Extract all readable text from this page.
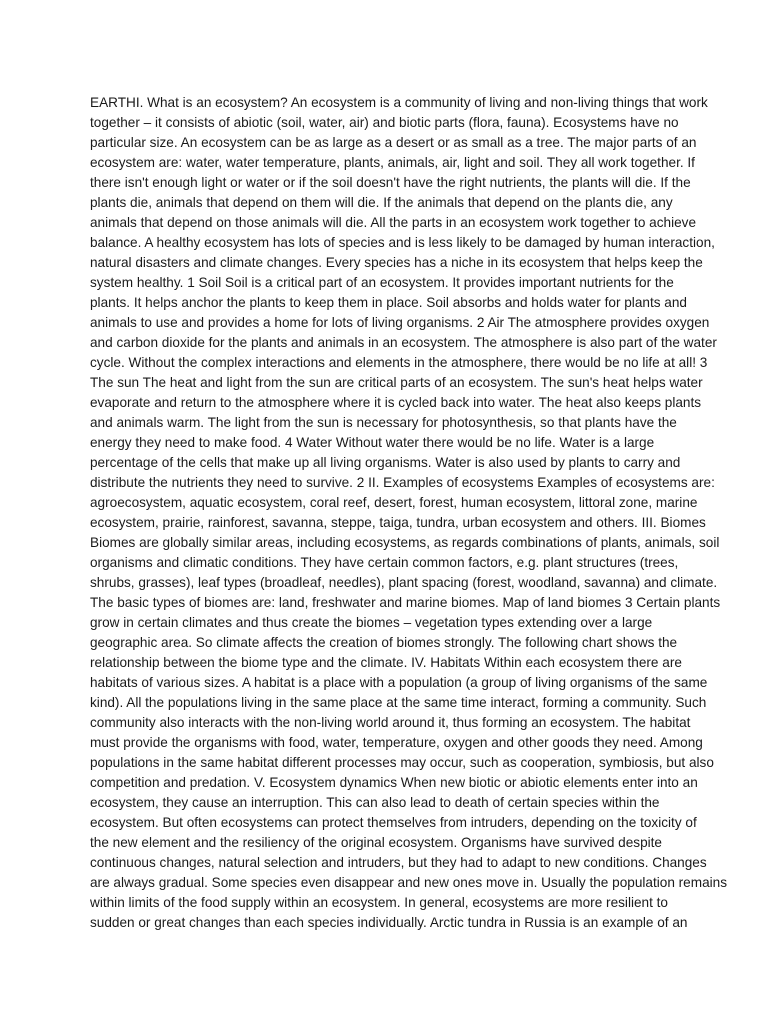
EARTHI. What is an ecosystem? An ecosystem is a community of living and non-living things that work
together – it consists of abiotic (soil, water, air) and biotic parts (flora, fauna). Ecosystems have no
particular size. An ecosystem can be as large as a desert or as small as a tree. The major parts of an
ecosystem are: water, water temperature, plants, animals, air, light and soil. They all work together. If
there isn't enough light or water or if the soil doesn't have the right nutrients, the plants will die. If the
plants die, animals that depend on them will die. If the animals that depend on the plants die, any
animals that depend on those animals will die. All the parts in an ecosystem work together to achieve
balance. A healthy ecosystem has lots of species and is less likely to be damaged by human interaction,
natural disasters and climate changes. Every species has a niche in its ecosystem that helps keep the
system healthy. 1 Soil Soil is a critical part of an ecosystem. It provides important nutrients for the
plants. It helps anchor the plants to keep them in place. Soil absorbs and holds water for plants and
animals to use and provides a home for lots of living organisms. 2 Air The atmosphere provides oxygen
and carbon dioxide for the plants and animals in an ecosystem. The atmosphere is also part of the water
cycle. Without the complex interactions and elements in the atmosphere, there would be no life at all! 3
The sun The heat and light from the sun are critical parts of an ecosystem. The sun's heat helps water
evaporate and return to the atmosphere where it is cycled back into water. The heat also keeps plants
and animals warm. The light from the sun is necessary for photosynthesis, so that plants have the
energy they need to make food. 4 Water Without water there would be no life. Water is a large
percentage of the cells that make up all living organisms. Water is also used by plants to carry and
distribute the nutrients they need to survive. 2 II. Examples of ecosystems Examples of ecosystems are:
agroecosystem, aquatic ecosystem, coral reef, desert, forest, human ecosystem, littoral zone, marine
ecosystem, prairie, rainforest, savanna, steppe, taiga, tundra, urban ecosystem and others. III. Biomes
Biomes are globally similar areas, including ecosystems, as regards combinations of plants, animals, soil
organisms and climatic conditions. They have certain common factors, e.g. plant structures (trees,
shrubs, grasses), leaf types (broadleaf, needles), plant spacing (forest, woodland, savanna) and climate.
The basic types of biomes are: land, freshwater and marine biomes. Map of land biomes 3 Certain plants
grow in certain climates and thus create the biomes – vegetation types extending over a large
geographic area. So climate affects the creation of biomes strongly. The following chart shows the
relationship between the biome type and the climate. IV. Habitats Within each ecosystem there are
habitats of various sizes. A habitat is a place with a population (a group of living organisms of the same
kind). All the populations living in the same place at the same time interact, forming a community. Such
community also interacts with the non-living world around it, thus forming an ecosystem. The habitat
must provide the organisms with food, water, temperature, oxygen and other goods they need. Among
populations in the same habitat different processes may occur, such as cooperation, symbiosis, but also
competition and predation. V. Ecosystem dynamics When new biotic or abiotic elements enter into an
ecosystem, they cause an interruption. This can also lead to death of certain species within the
ecosystem. But often ecosystems can protect themselves from intruders, depending on the toxicity of
the new element and the resiliency of the original ecosystem. Organisms have survived despite
continuous changes, natural selection and intruders, but they had to adapt to new conditions. Changes
are always gradual. Some species even disappear and new ones move in. Usually the population remains
within limits of the food supply within an ecosystem. In general, ecosystems are more resilient to
sudden or great changes than each species individually. Arctic tundra in Russia is an example of an
